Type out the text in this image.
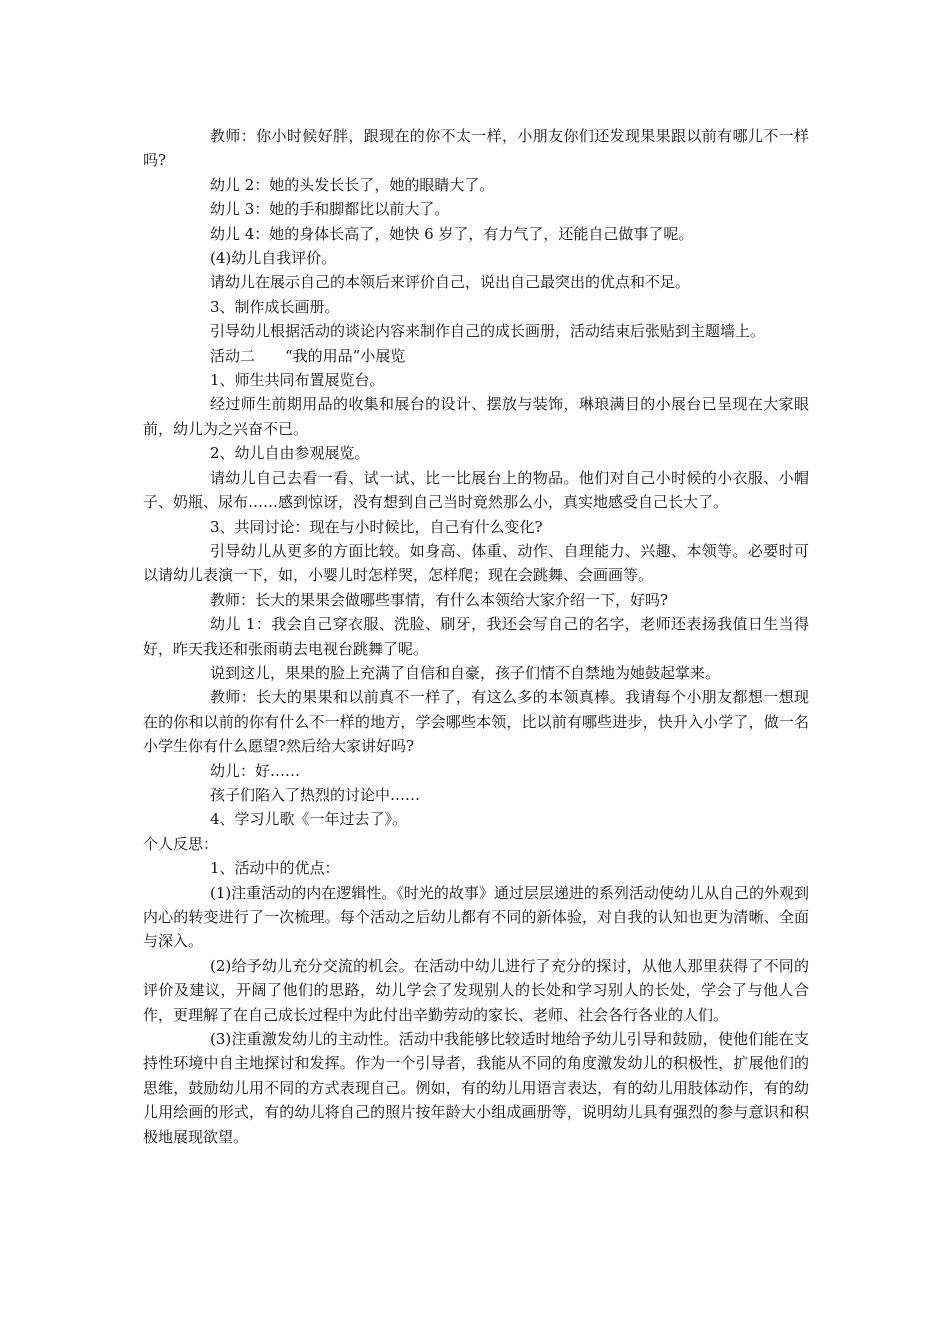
教师：你小时候好胖，跟现在的你不太一样，小朋友你们还发现果果跟以前有哪儿不一样吗?

幼儿 2：她的头发长长了，她的眼睛大了。

幼儿 3：她的手和脚都比以前大了。

幼儿 4：她的身体长高了，她快 6 岁了，有力气了，还能自己做事了呢。

(4)幼儿自我评价。

请幼儿在展示自己的本领后来评价自己，说出自己最突出的优点和不足。

3、制作成长画册。

引导幼儿根据活动的谈论内容来制作自己的成长画册，活动结束后张贴到主题墙上。

活动二　　“我的用品”小展览

1、师生共同布置展览台。

经过师生前期用品的收集和展台的设计、摆放与装饰，琳琅满目的小展台已呈现在大家眼前，幼儿为之兴奋不已。

2、幼儿自由参观展览。

请幼儿自己去看一看、试一试、比一比展台上的物品。他们对自己小时候的小衣服、小帽子、奶瓶、尿布……感到惊讶，没有想到自己当时竟然那么小，真实地感受自己长大了。

3、共同讨论：现在与小时候比，自己有什么变化?

引导幼儿从更多的方面比较。如身高、体重、动作、自理能力、兴趣、本领等。必要时可以请幼儿表演一下，如，小婴儿时怎样哭，怎样爬；现在会跳舞、会画画等。

教师：长大的果果会做哪些事情，有什么本领给大家介绍一下，好吗?

幼儿 1：我会自己穿衣服、洗脸、刷牙，我还会写自己的名字，老师还表扬我值日生当得好，昨天我还和张雨萌去电视台跳舞了呢。

说到这儿，果果的脸上充满了自信和自豪，孩子们情不自禁地为她鼓起掌来。

教师：长大的果果和以前真不一样了，有这么多的本领真棒。我请每个小朋友都想一想现在的你和以前的你有什么不一样的地方，学会哪些本领，比以前有哪些进步，快升入小学了，做一名小学生你有什么愿望?然后给大家讲好吗?

幼儿：好……

孩子们陷入了热烈的讨论中……

4、学习儿歌《一年过去了》。

个人反思：

1、活动中的优点：

(1)注重活动的内在逻辑性。《时光的故事》通过层层递进的系列活动使幼儿从自己的外观到内心的转变进行了一次梳理。每个活动之后幼儿都有不同的新体验，对自我的认知也更为清晰、全面与深入。

(2)给予幼儿充分交流的机会。在活动中幼儿进行了充分的探讨，从他人那里获得了不同的评价及建议，开阔了他们的思路，幼儿学会了发现别人的长处和学习别人的长处，学会了与他人合作，更理解了在自己成长过程中为此付出辛勤劳动的家长、老师、社会各行各业的人们。

(3)注重激发幼儿的主动性。活动中我能够比较适时地给予幼儿引导和鼓励，使他们能在支持性环境中自主地探讨和发挥。作为一个引导者，我能从不同的角度激发幼儿的积极性，扩展他们的思维，鼓励幼儿用不同的方式表现自己。例如，有的幼儿用语言表达，有的幼儿用肢体动作，有的幼儿用绘画的形式，有的幼儿将自己的照片按年龄大小组成画册等，说明幼儿具有强烈的参与意识和积极地展现欲望。
